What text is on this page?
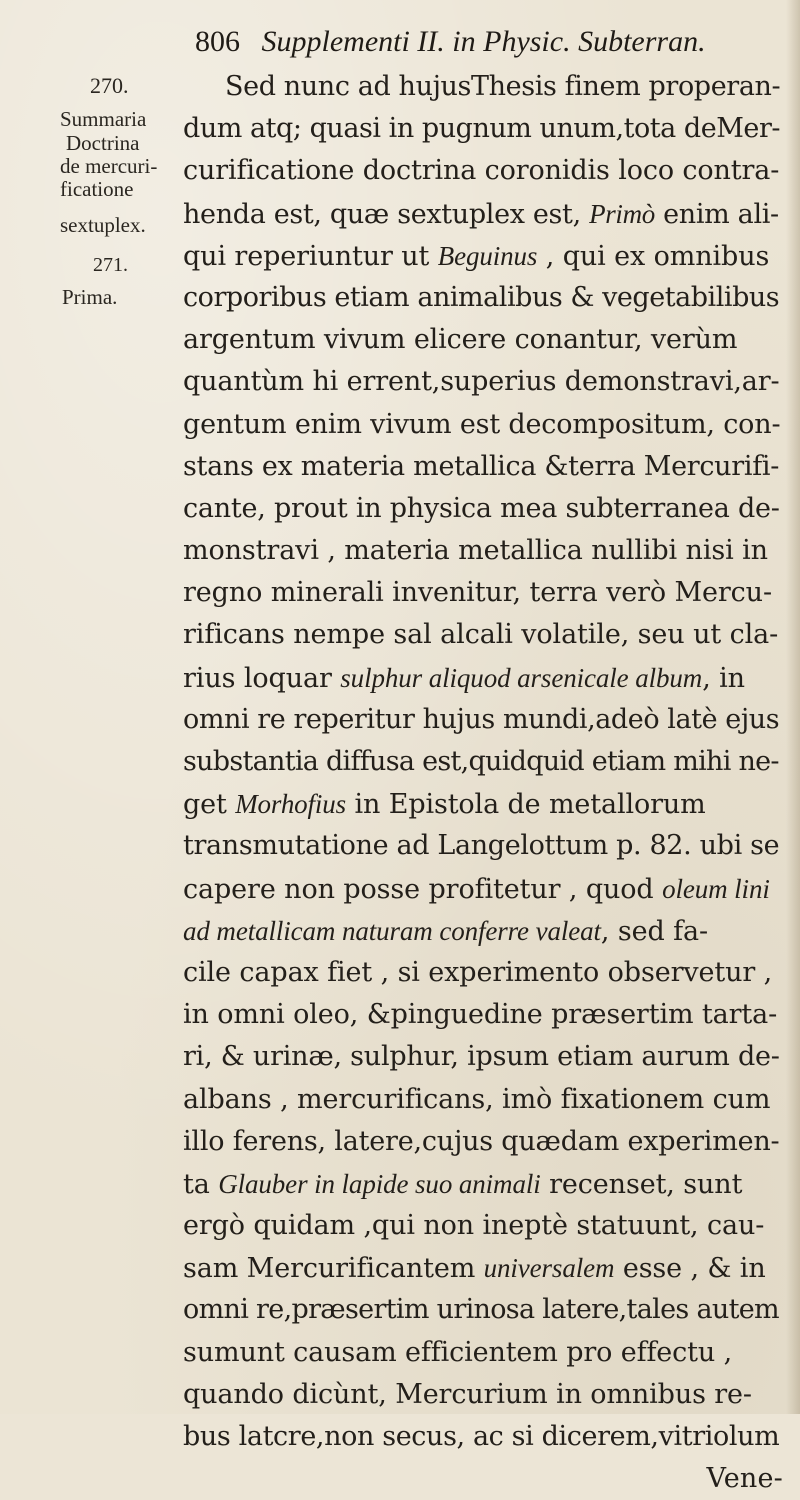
806 Supplementi II. in Physic. Subterran.
270.
Summaria
Doctrina
de mercuri-
ficatione
sextuplex.
271.
Prima.
Sed nunc ad hujusThesis finem properan-
dum atq; quasi in pugnum unum,tota deMer-
curificatione doctrina coronidis loco contra-
henda est, quæ sextuplex est, Primò enim ali-
qui reperiuntur ut Beguinus , qui ex omnibus
corporibus etiam animalibus & vegetabilibus
argentum vivum elicere conantur, verùm
quantùm hi errent,superius demonstravi,ar-
gentum enim vivum est decompositum, con-
stans ex materia metallica &terra Mercurifi-
cante, prout in physica mea subterranea de-
monstravi , materia metallica nullibi nisi in
regno minerali invenitur, terra verò Mercu-
rificans nempe sal alcali volatile, seu ut cla-
rius loquar sulphur aliquod arsenicale album, in
omni re reperitur hujus mundi,adeò latè ejus
substantia diffusa est,quidquid etiam mihi ne-
get Morhofius in Epistola de metallorum
transmutatione ad Langelottum p. 82. ubi se
capere non posse profitetur , quod oleum lini
ad metallicam naturam conferre valeat, sed fa-
cile capax fiet , si experimento observetur ,
in omni oleo, &pinguedine præsertim tarta-
ri, & urinæ, sulphur, ipsum etiam aurum de-
albans , mercurificans, imò fixationem cum
illo ferens, latere,cujus quædam experimen-
ta Glauber in lapide suo animali recenset, sunt
ergò quidam ,qui non ineptè statuunt, cau-
sam Mercurificantem universalem esse , & in
omni re,præsertim urinosa latere,tales autem
sumunt causam efficientem pro effectu ,
quando dicùnt, Mercurium in omnibus re-
bus latcre,non secus, ac si dicerem,vitriolum
Vene-
